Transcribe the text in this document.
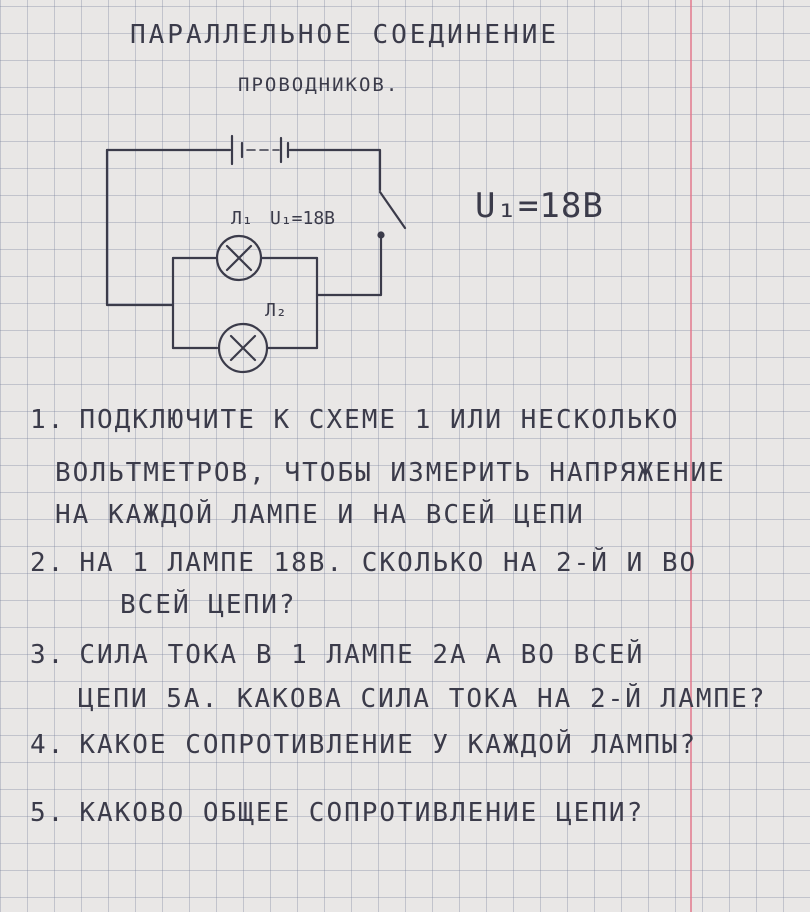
ПАРАЛЛЕЛЬНОЕ СОЕДИНЕНИЕ
ПРОВОДНИКОВ.
Л₁ U₁=18В
Л₂
U₁=18В
1. ПОДКЛЮЧИТЕ К СХЕМЕ 1 ИЛИ НЕСКОЛЬКО
ВОЛЬТМЕТРОВ, ЧТОБЫ ИЗМЕРИТЬ НАПРЯЖЕНИЕ
НА КАЖДОЙ ЛАМПЕ И НА ВСЕЙ ЦЕПИ
2. НА 1 ЛАМПЕ 18В. СКОЛЬКО НА 2-Й И ВО
ВСЕЙ ЦЕПИ?
3. СИЛА ТОКА В 1 ЛАМПЕ 2А А ВО ВСЕЙ
ЦЕПИ 5А. КАКОВА СИЛА ТОКА НА 2-Й ЛАМПЕ?
4. КАКОЕ СОПРОТИВЛЕНИЕ У КАЖДОЙ ЛАМПЫ?
5. КАКОВО ОБЩЕЕ СОПРОТИВЛЕНИЕ ЦЕПИ?
